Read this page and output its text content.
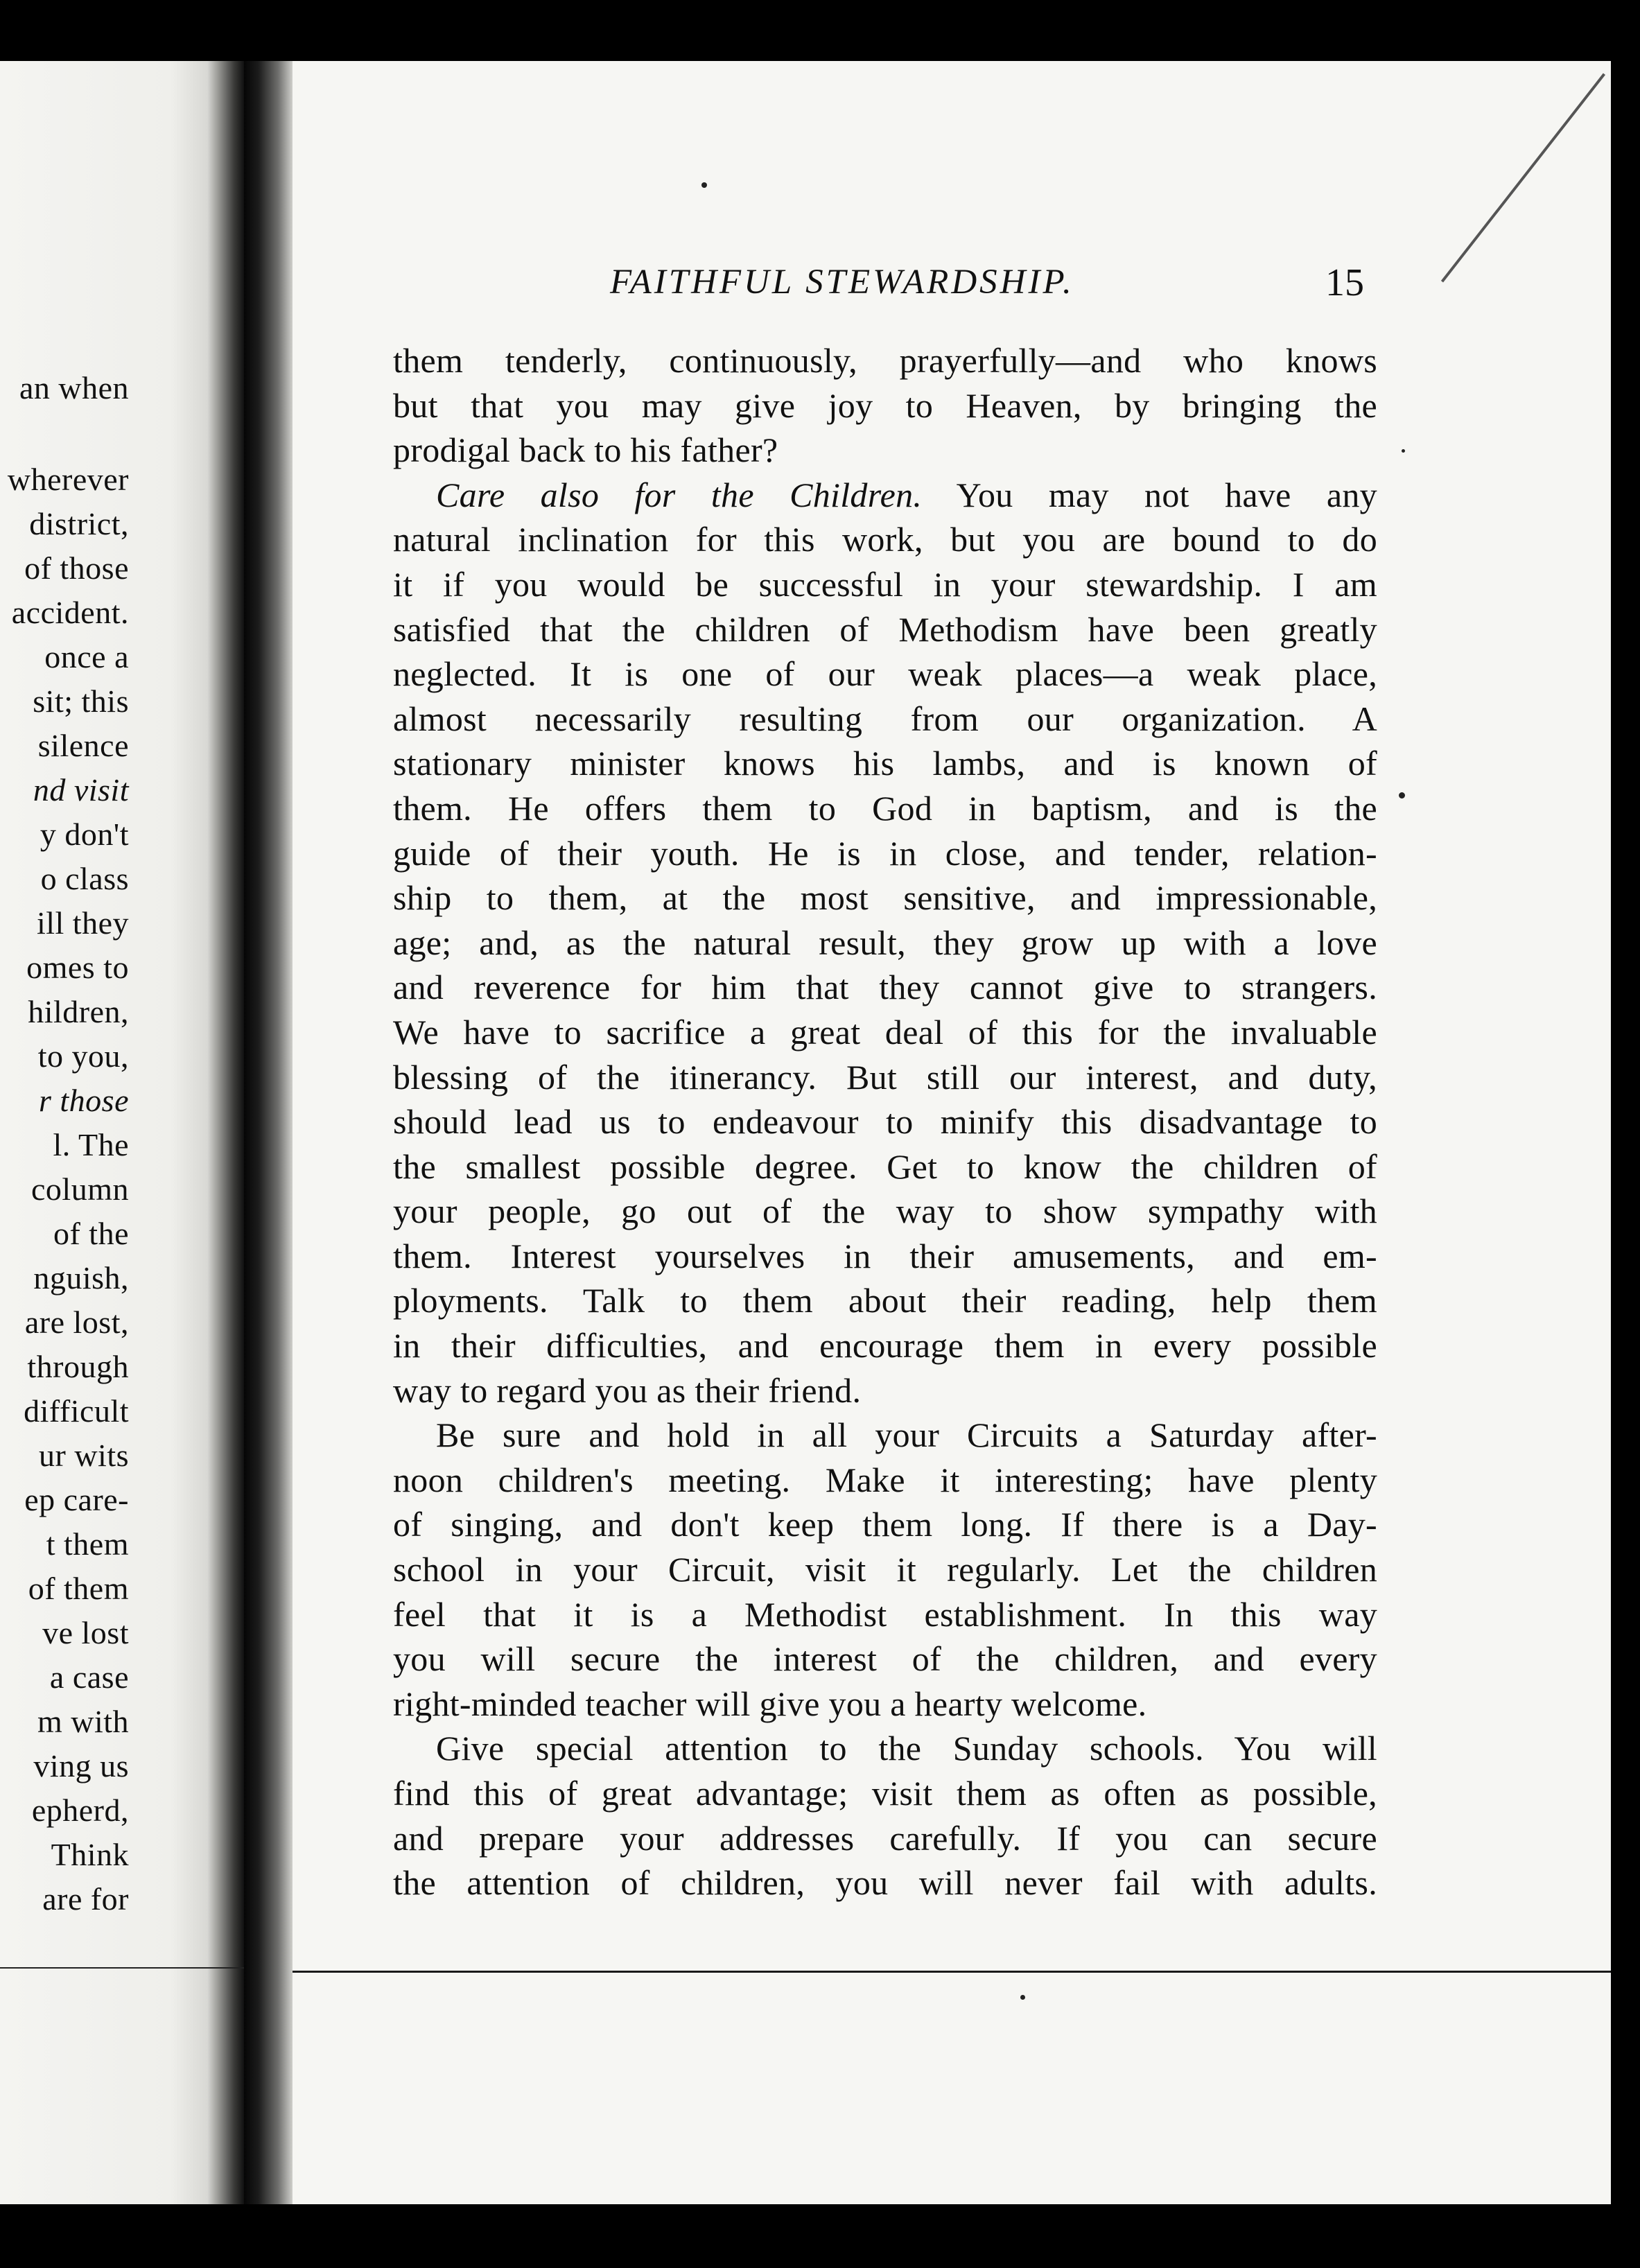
an when
wherever
district,
of those
accident.
once a
sit; this
silence
nd visit
y don't
o class
ill they
omes to
hildren,
to you,
r those
l. The
column
of the
nguish,
are lost,
through
difficult
ur wits
ep care-
t them
of them
ve lost
a case
m with
ving us
epherd,
Think
are for
FAITHFUL STEWARDSHIP.	15
them tenderly, continuously, prayerfully—and who knows
but that you may give joy to Heaven, by bringing the
prodigal back to his father?
Care also for the Children. You may not have any
natural inclination for this work, but you are bound to do
it if you would be successful in your stewardship. I am
satisfied that the children of Methodism have been greatly
neglected. It is one of our weak places—a weak place,
almost necessarily resulting from our organization. A
stationary minister knows his lambs, and is known of
them. He offers them to God in baptism, and is the
guide of their youth. He is in close, and tender, relation-
ship to them, at the most sensitive, and impressionable,
age; and, as the natural result, they grow up with a love
and reverence for him that they cannot give to strangers.
We have to sacrifice a great deal of this for the invaluable
blessing of the itinerancy. But still our interest, and duty,
should lead us to endeavour to minify this disadvantage to
the smallest possible degree. Get to know the children of
your people, go out of the way to show sympathy with
them. Interest yourselves in their amusements, and em-
ployments. Talk to them about their reading, help them
in their difficulties, and encourage them in every possible
way to regard you as their friend.
Be sure and hold in all your Circuits a Saturday after-
noon children's meeting. Make it interesting; have plenty
of singing, and don't keep them long. If there is a Day-
school in your Circuit, visit it regularly. Let the children
feel that it is a Methodist establishment. In this way
you will secure the interest of the children, and every
right-minded teacher will give you a hearty welcome.
Give special attention to the Sunday schools. You will
find this of great advantage; visit them as often as possible,
and prepare your addresses carefully. If you can secure
the attention of children, you will never fail with adults.
